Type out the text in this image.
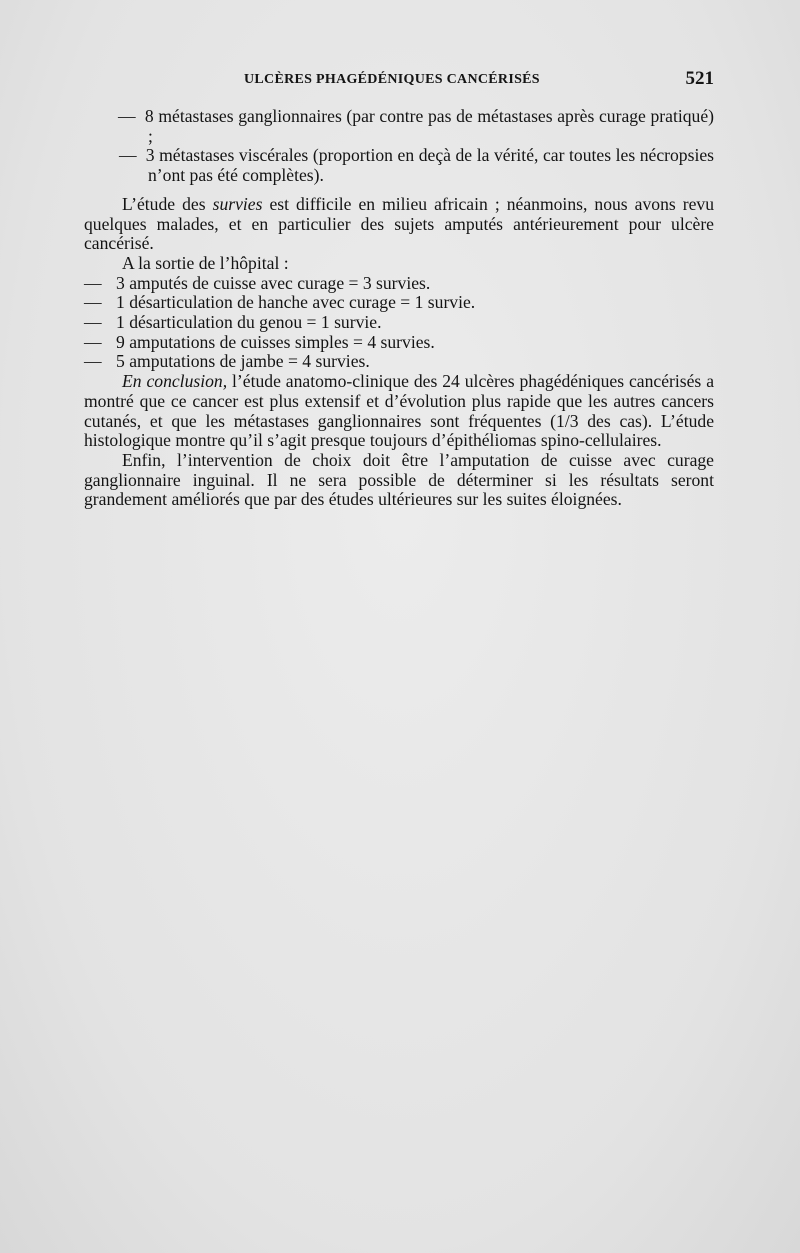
ULCÈRES PHAGÉDÉNIQUES CANCÉRISÉS	521

— 8 métastases ganglionnaires (par contre pas de métastases après curage pratiqué) ;

— 3 métastases viscérales (proportion en deçà de la vérité, car toutes les nécropsies n’ont pas été complètes).

L’étude des survies est difficile en milieu africain ; néanmoins, nous avons revu quelques malades, et en particulier des sujets amputés antérieurement pour ulcère cancérisé.

A la sortie de l’hôpital :

— 3 amputés de cuisse avec curage = 3 survies.

— 1 désarticulation de hanche avec curage = 1 survie.

— 1 désarticulation du genou = 1 survie.

— 9 amputations de cuisses simples = 4 survies.

— 5 amputations de jambe = 4 survies.

En conclusion, l’étude anatomo-clinique des 24 ulcères phagédéniques cancérisés a montré que ce cancer est plus extensif et d’évolution plus rapide que les autres cancers cutanés, et que les métastases ganglionnaires sont fréquentes (1/3 des cas). L’étude histologique montre qu’il s’agit presque toujours d’épithéliomas spino-cellulaires.

Enfin, l’intervention de choix doit être l’amputation de cuisse avec curage ganglionnaire inguinal. Il ne sera possible de déterminer si les résultats seront grandement améliorés que par des études ultérieures sur les suites éloignées.
